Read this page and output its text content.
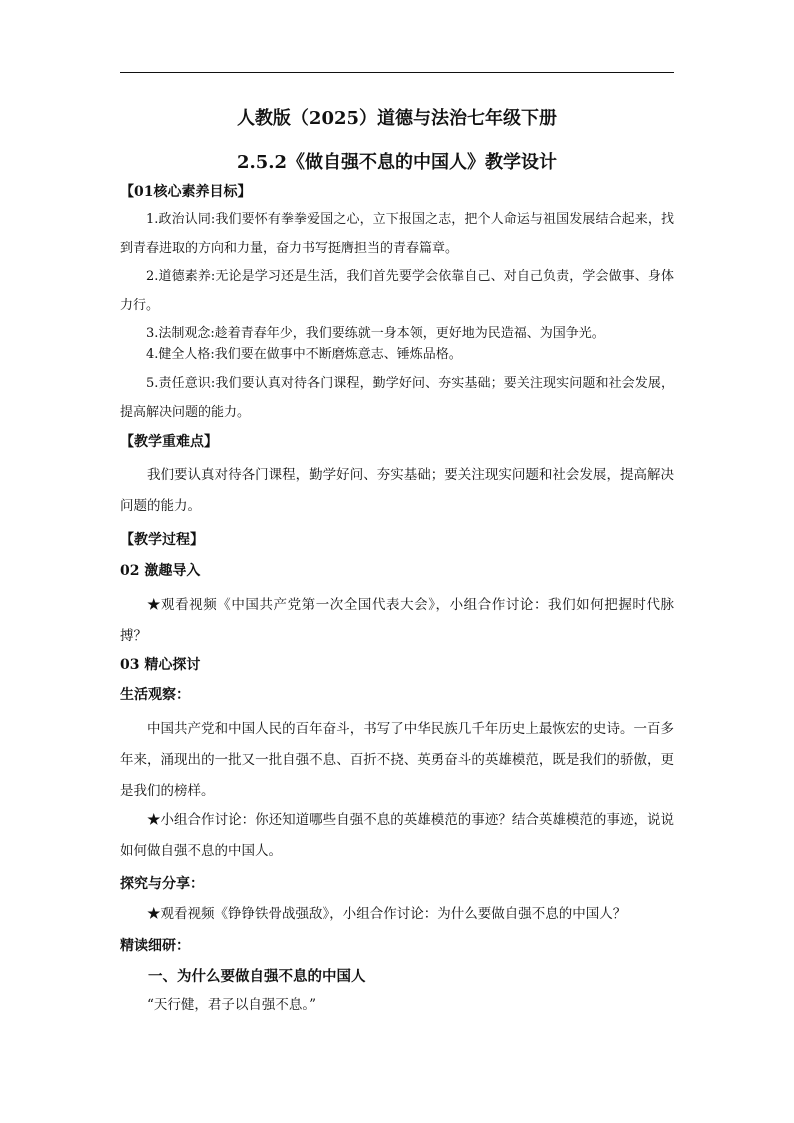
人教版（2025）道德与法治七年级下册
2.5.2《做自强不息的中国人》教学设计
【01核心素养目标】

1.政治认同:我们要怀有拳拳爱国之心，立下报国之志，把个人命运与祖国发展结合起来，找到青春进取的方向和力量，奋力书写挺膺担当的青春篇章。

2.道德素养:无论是学习还是生活，我们首先要学会依靠自己、对自己负责，学会做事、身体力行。

3.法制观念:趁着青春年少，我们要练就一身本领，更好地为民造福、为国争光。

4.健全人格:我们要在做事中不断磨炼意志、锤炼品格。

5.责任意识:我们要认真对待各门课程，勤学好问、夯实基础；要关注现实问题和社会发展，提高解决问题的能力。

【教学重难点】

我们要认真对待各门课程，勤学好问、夯实基础；要关注现实问题和社会发展，提高解决问题的能力。

【教学过程】
02 激趣导入

★观看视频《中国共产党第一次全国代表大会》，小组合作讨论：我们如何把握时代脉搏？

03 精心探讨
生活观察：

中国共产党和中国人民的百年奋斗，书写了中华民族几千年历史上最恢宏的史诗。一百多年来，涌现出的一批又一批自强不息、百折不挠、英勇奋斗的英雄模范，既是我们的骄傲，更是我们的榜样。

★小组合作讨论：你还知道哪些自强不息的英雄模范的事迹？结合英雄模范的事迹，说说如何做自强不息的中国人。

探究与分享：

★观看视频《铮铮铁骨战强敌》，小组合作讨论：为什么要做自强不息的中国人？

精读细研：
一、为什么要做自强不息的中国人

“天行健，君子以自强不息。”
